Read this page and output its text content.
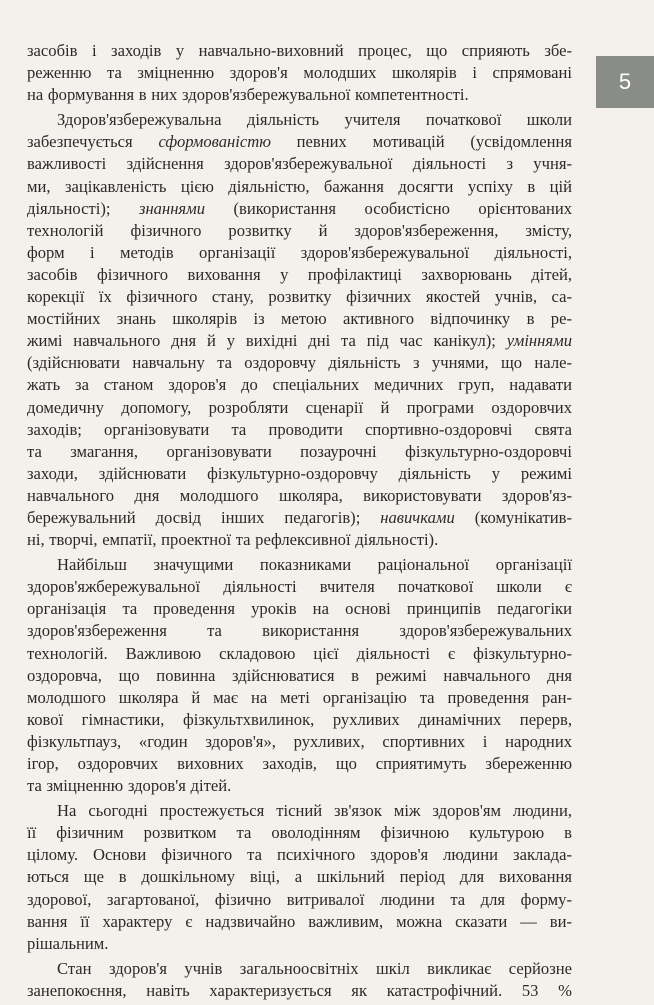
5
засобів і заходів у навчально-виховний процес, що сприяють збе-
реженню та зміцненню здоров'я молодших школярів і спрямовані
на формування в них здоров'язбережувальної компетентності.
Здоров'язбережувальна діяльність учителя початкової школи
забезпечується сформованістю певних мотивацій (усвідомлення
важливості здійснення здоров'язбережувальної діяльності з учня-
ми, зацікавленість цією діяльністю, бажання досягти успіху в цій
діяльності); знаннями (використання особистісно орієнтованих
технологій фізичного розвитку й здоров'язбереження, змісту,
форм і методів організації здоров'язбережувальної діяльності,
засобів фізичного виховання у профілактиці захворювань дітей,
корекції їх фізичного стану, розвитку фізичних якостей учнів, са-
мостійних знань школярів із метою активного відпочинку в ре-
жимі навчального дня й у вихідні дні та під час канікул); уміннями
(здійснювати навчальну та оздоровчу діяльність з учнями, що нале-
жать за станом здоров'я до спеціальних медичних груп, надавати
домедичну допомогу, розробляти сценарії й програми оздоровчих
заходів; організовувати та проводити спортивно-оздоровчі свята
та змагання, організовувати позаурочні фізкультурно-оздоровчі
заходи, здійснювати фізкультурно-оздоровчу діяльність у режимі
навчального дня молодшого школяра, використовувати здоров'яз-
бережувальний досвід інших педагогів); навичками (комунікатив-
ні, творчі, емпатії, проектної та рефлексивної діяльності).
Найбільш значущими показниками раціональної організації
здоров'яжбережувальної діяльності вчителя початкової школи є
організація та проведення уроків на основі принципів педагогіки
здоров'язбереження та використання здоров'язбережувальних
технологій. Важливою складовою цієї діяльності є фізкультурно-
оздоровча, що повинна здійснюватися в режимі навчального дня
молодшого школяра й має на меті організацію та проведення ран-
кової гімнастики, фізкультхвилинок, рухливих динамічних перерв,
фізкультпауз, «годин здоров'я», рухливих, спортивних і народних
ігор, оздоровчих виховних заходів, що сприятимуть збереженню
та зміцненню здоров'я дітей.
На сьогодні простежується тісний зв'язок між здоров'ям людини,
її фізичним розвитком та оволодінням фізичною культурою в
цілому. Основи фізичного та психічного здоров'я людини заклада-
ються ще в дошкільному віці, а шкільний період для виховання
здорової, загартованої, фізично витривалої людини та для форму-
вання її характеру є надзвичайно важливим, можна сказати — ви-
рішальним.
Стан здоров'я учнів загальноосвітніх шкіл викликає серйозне
занепокоєння, навіть характеризується як катастрофічний. 53 %
